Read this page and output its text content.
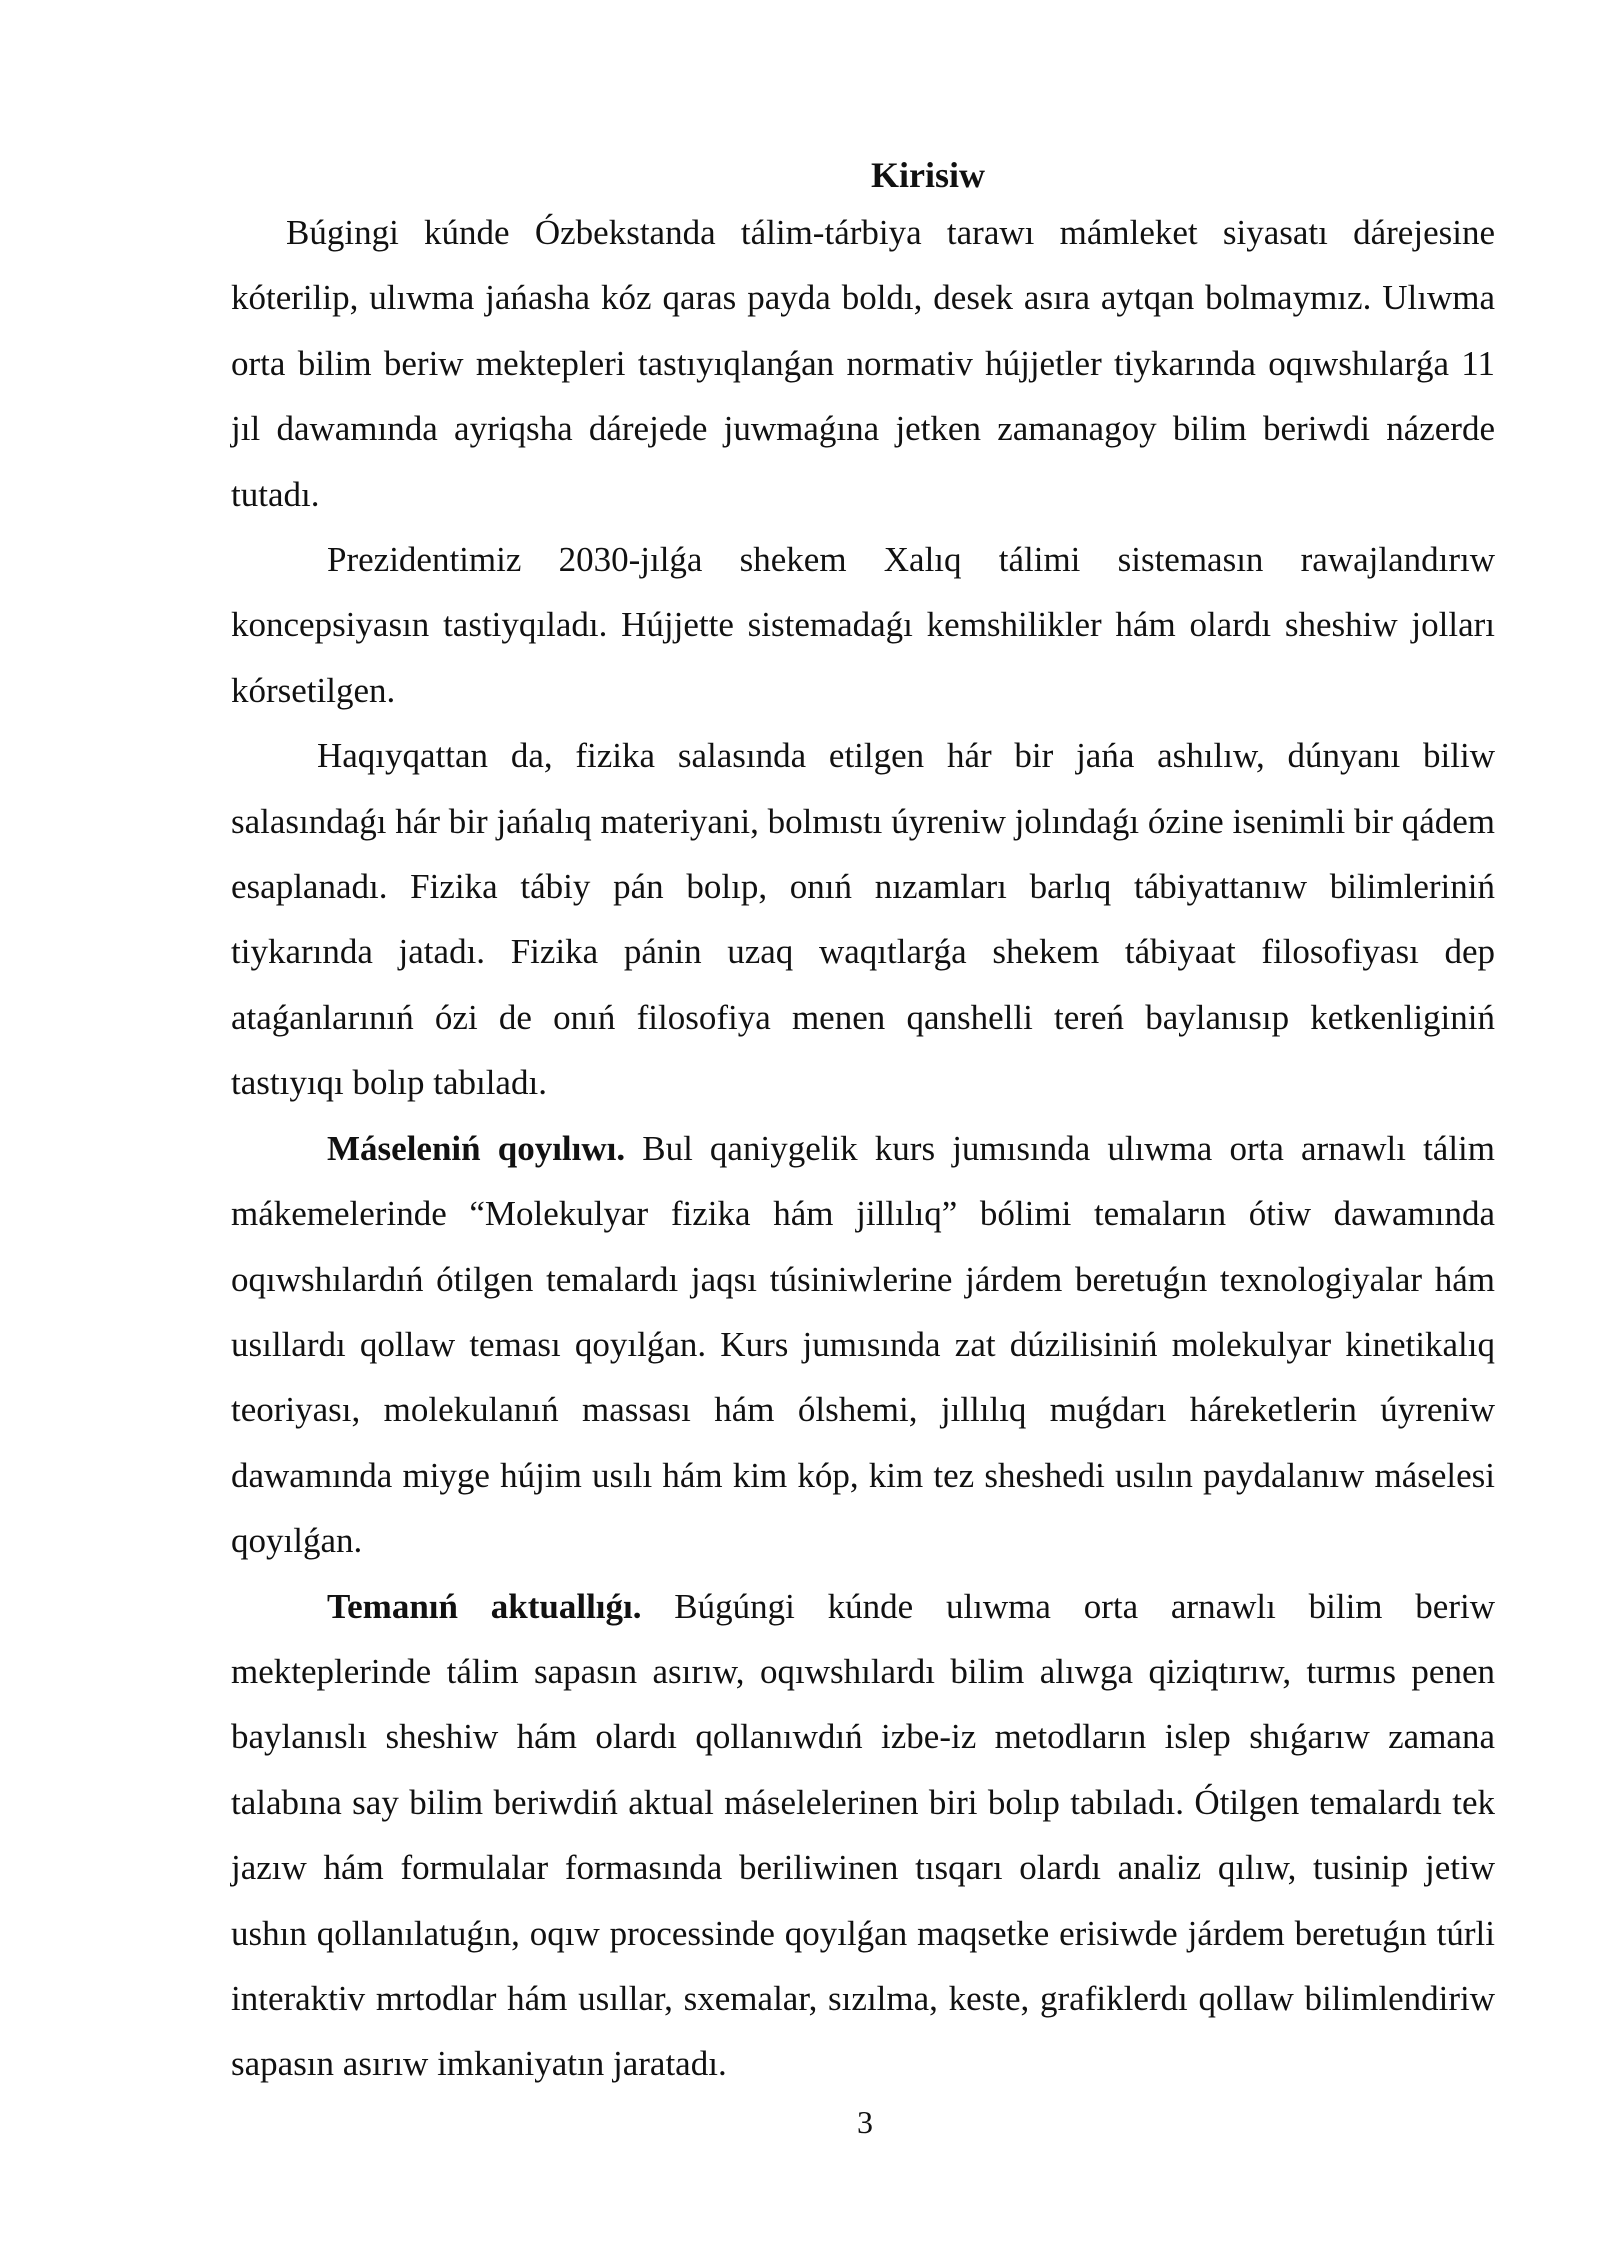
Kirisiw

Búgingi kúnde Ózbekstanda tálim-tárbiya tarawı mámleket siyasatı dárejesine kóterilip, ulıwma jańasha kóz qaras payda boldı, desek asıra aytqan bolmaymız. Ulıwma orta bilim beriw mektepleri tastıyıqlanǵan normativ hújjetler tiykarında oqıwshılarǵa 11 jıl dawamında ayriqsha dárejede juwmaǵına jetken zamanagoy bilim beriwdi názerde tutadı.

Prezidentimiz 2030-jılǵa shekem Xalıq tálimi sistemasın rawajlandırıw koncepsiyasın tastiyqıladı. Hújjette sistemadaǵı kemshilikler hám olardı sheshiw jolları kórsetilgen.

Haqıyqattan da, fizika salasında etilgen hár bir jańa ashılıw, dúnyanı biliw salasındaǵı hár bir jańalıq materiyani, bolmıstı úyreniw jolındaǵı ózine isenimli bir qádem esaplanadı. Fizika tábiy pán bolıp, onıń nızamları barlıq tábiyattanıw bilimleriniń tiykarında jatadı. Fizika pánin uzaq waqıtlarǵa shekem tábiyaat filosofiyası dep ataǵanlarınıń ózi de onıń filosofiya menen qanshelli tereń baylanısıp ketkenliginiń tastıyıqı bolıp tabıladı.

Máseleniń qoyılıwı. Bul qaniygelik kurs jumısında ulıwma orta arnawlı tálim mákemelerinde “Molekulyar fizika hám jillılıq” bólimi temaların ótiw dawamında oqıwshılardıń ótilgen temalardı jaqsı túsiniwlerine járdem beretuǵın texnologiyalar hám usıllardı qollaw teması qoyılǵan. Kurs jumısında zat dúzilisiniń molekulyar kinetikalıq teoriyası, molekulanıń massası hám ólshemi, jıllılıq muǵdarı háreketlerin úyreniw dawamında miyge hújim usılı hám kim kóp, kim tez sheshedi usılın paydalanıw máselesi qoyılǵan.

Temanıń aktuallıǵı. Búgúngi kúnde ulıwma orta arnawlı bilim beriw mekteplerinde tálim sapasın asırıw, oqıwshılardı bilim alıwga qiziqtırıw, turmıs penen baylanıslı sheshiw hám olardı qollanıwdıń izbe-iz metodların islep shıǵarıw zamana talabına say bilim beriwdiń aktual máselelerinen biri bolıp tabıladı. Ótilgen temalardı tek jazıw hám formulalar formasında beriliwinen tısqarı olardı analiz qılıw, tusinip jetiw ushın qollanılatuǵın, oqıw processinde qoyılǵan maqsetke erisiwde járdem beretuǵın túrli interaktiv mrtodlar hám usıllar, sxemalar, sızılma, keste, grafiklerdı qollaw bilimlendiriw sapasın asırıw imkaniyatın jaratadı.

3
